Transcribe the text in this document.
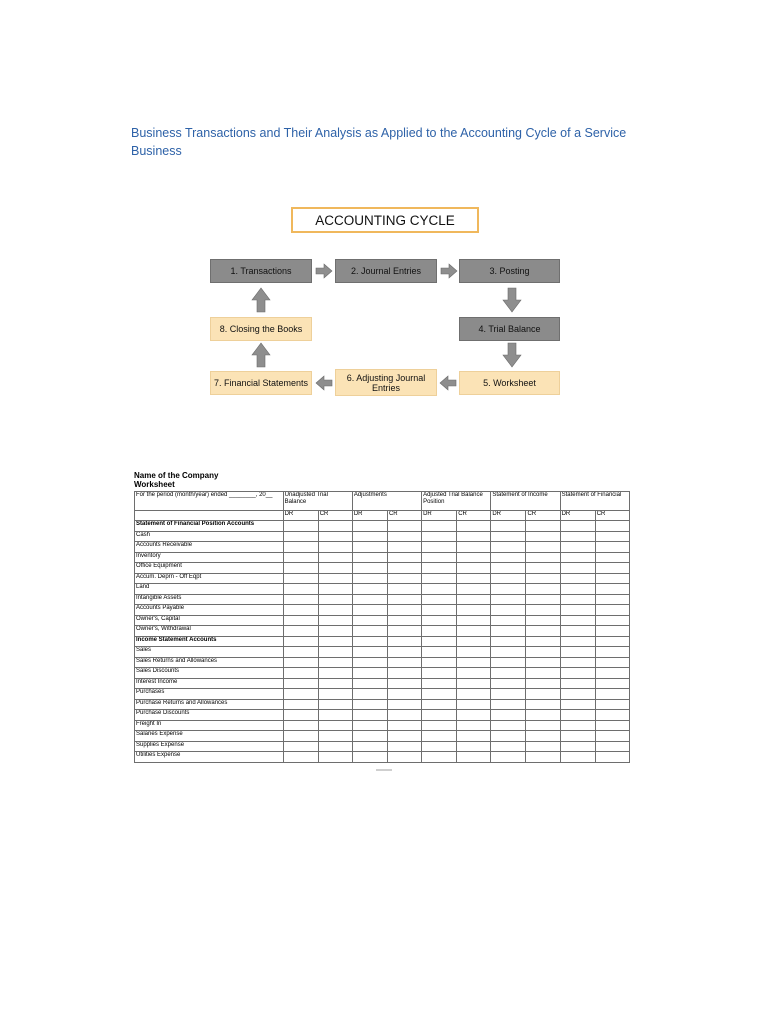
Business Transactions and Their Analysis as Applied to the Accounting Cycle of a Service Business
ACCOUNTING CYCLE
1. Transactions	2. Journal Entries	3. Posting
4. Trial Balance
5. Worksheet
6. Adjusting Journal Entries
7. Financial Statements
8. Closing the Books
Name of the Company
Worksheet
For the period (month/year) ended ________, 20__	Unadjusted Trial Balance		Adjustments		Adjusted Trial Balance Position		Statement of Income		Statement of Financial	
	DR	CR	DR	CR	DR	CR	DR	CR	DR	CR
Statement of Financial Position Accounts										
Cash										
Accounts Receivable										
Inventory										
Office Equipment										
Accum. Deprn - Off Eqpt										
Land										
Intangible Assets										
Accounts Payable										
Owner's, Capital										
Owner's, Withdrawal										
Income Statement Accounts										
Sales										
Sales Returns and Allowances										
Sales Discounts										
Interest Income										
Purchases										
Purchase Returns and Allowances										
Purchase Discounts										
Freight In										
Salaries Expense										
Supplies Expense										
Utilities Expense										
